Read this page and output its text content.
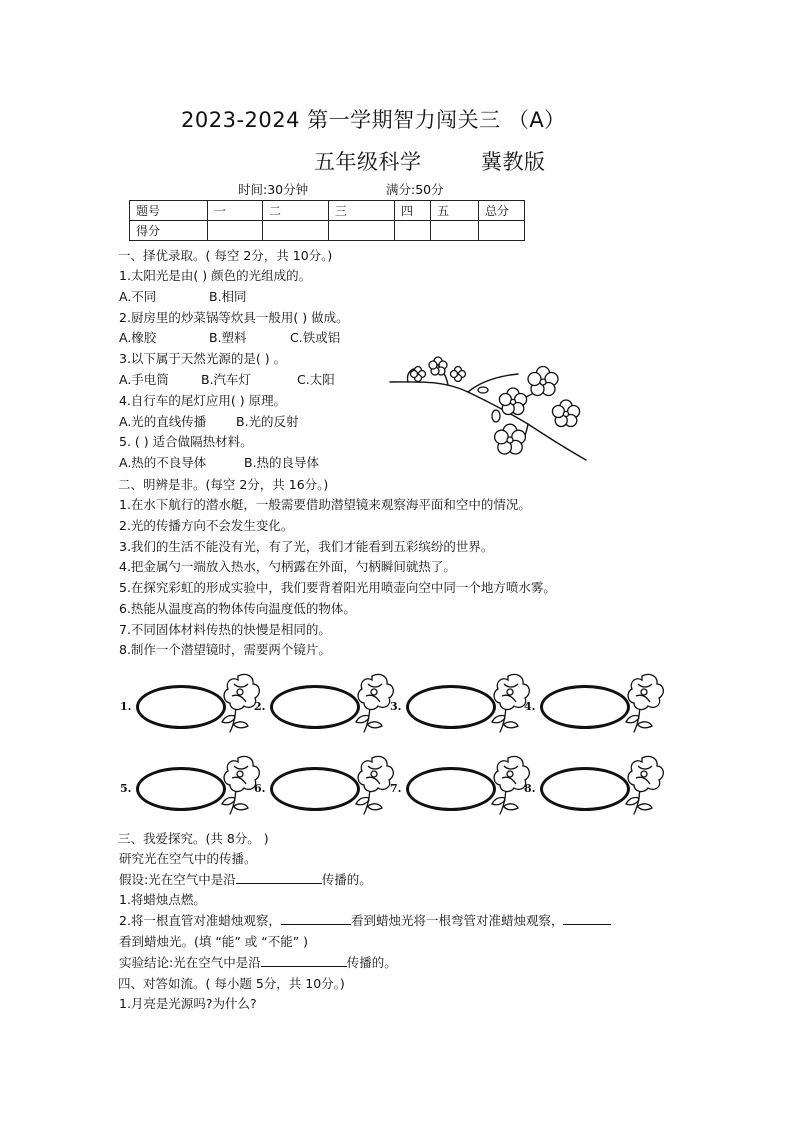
2023-2024 第一学期智力闯关三 （A）
五年级科学	冀教版
时间:30分钟	满分:50分
题号	一	二	三	四	五	总分
得分						
一、择优录取。( 每空 2分，共 10分。)
1.太阳光是由( ) 颜色的光组成的。
A.不同	B.相同
2.厨房里的炒菜锅等炊具一般用( ) 做成。
A.橡胶	B.塑料	C.铁或铝
3.以下属于天然光源的是( ) 。
A.手电筒	B.汽车灯	C.太阳
4.自行车的尾灯应用( ) 原理。
A.光的直线传播 B.光的反射
5. ( ) 适合做隔热材料。
A.热的不良导体	B.热的良导体
二、明辨是非。(每空 2分，共 16分。)
1.在水下航行的潜水艇，一般需要借助潜望镜来观察海平面和空中的情况。
2.光的传播方向不会发生变化。
3.我们的生活不能没有光，有了光，我们才能看到五彩缤纷的世界。
4.把金属勺一端放入热水，勺柄露在外面，勺柄瞬间就热了。
5.在探究彩虹的形成实验中，我们要背着阳光用喷壶向空中同一个地方喷水雾。
6.热能从温度高的物体传向温度低的物体。
7.不同固体材料传热的快慢是相同的。
8.制作一个潜望镜时，需要两个镜片。
1.	2.	3.	4.
5.	6.	7.	8.
三、我爱探究。(共 8分。 )
研究光在空气中的传播。
假设:光在空气中是沿	传播的。
1.将蜡烛点燃。
2.将一根直管对准蜡烛观察，	看到蜡烛光将一根弯管对准蜡烛观察，
看到蜡烛光。(填 “能” 或 “不能” )
实验结论:光在空气中是沿	传播的。
四、对答如流。( 每小题 5分，共 10分。)
1.月亮是光源吗?为什么?
